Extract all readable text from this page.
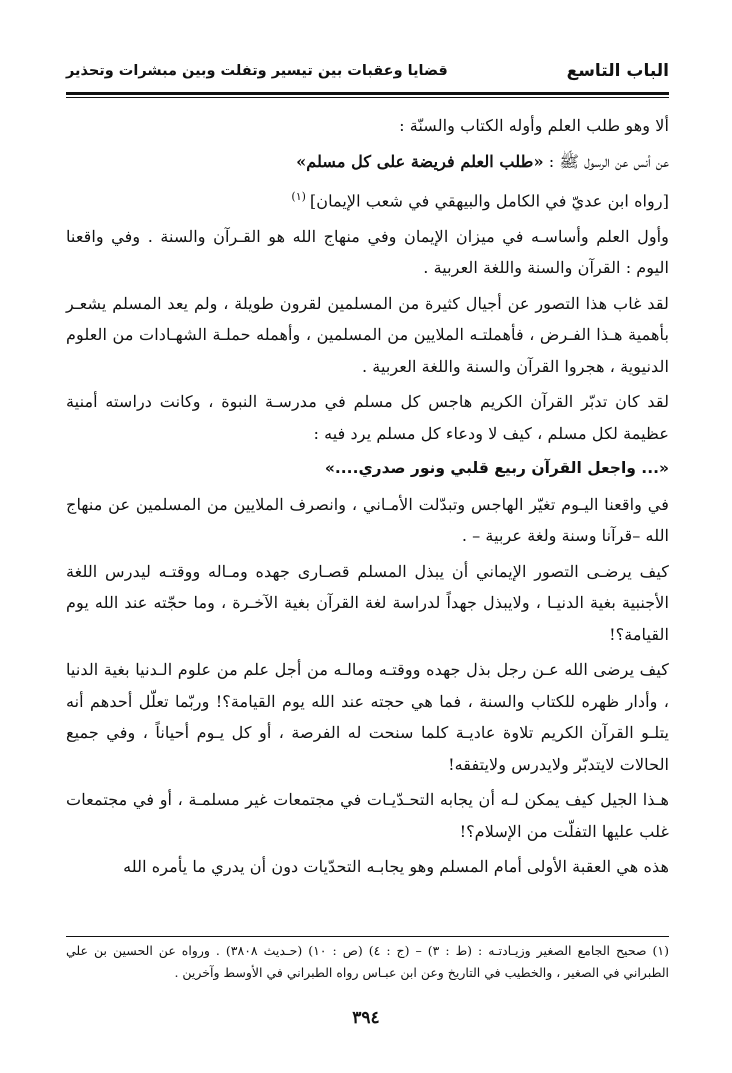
الباب التاسع
قضايا وعقبات بين تيسير وتفلت وبين مبشرات وتحذير

ألا وهو طلب العلم وأوله الكتاب والسنّة :

عن أنس عن الرسول ﷺ : «طلب العلم فريضة على كل مسلم»

[رواه ابن عديّ في الكامل والبيهقي في شعب الإيمان]$^{(١)}$

وأول العلم وأساسـه في ميزان الإيمان وفي منهاج الله هو القـرآن والسنة . وفي واقعنا اليوم : القرآن والسنة واللغة العربية .

لقد غاب هذا التصور عن أجيال كثيرة من المسلمين لقرون طويلة ، ولم يعد المسلم يشعـر بأهمية هـذا الفـرض ، فأهملتـه الملايين من المسلمين ، وأهمله حملـة الشهـادات من العلوم الدنيوية ، هجروا القرآن والسنة واللغة العربية .

لقد كان تدبّر القرآن الكريم هاجس كل مسلم في مدرسـة النبوة ، وكانت دراسته أمنية عظيمة لكل مسلم ، كيف لا ودعاء كل مسلم يرد فيه :

«... واجعل القرآن ربيع قلبي ونور صدري....»

في واقعنا اليـوم تغيّر الهاجس وتبدّلت الأمـاني ، وانصرف الملايين من المسلمين عن منهاج الله –قرآنا وسنة ولغة عربية – .

كيف يرضـى التصور الإيماني أن يبذل المسلم قصـارى جهده ومـاله ووقتـه ليدرس اللغة الأجنبية بغية الدنيـا ، ولايبذل جهداً لدراسة لغة القرآن بغية الآخـرة ، وما حجّته عند الله يوم القيامة؟!

كيف يرضى الله عـن رجل بذل جهده ووقتـه ومالـه من أجل علم من علوم الـدنيا بغية الدنيا ، وأدار ظهره للكتاب والسنة ، فما هي حجته عند الله يوم القيامة؟! وربّما تعلّل أحدهم أنه يتلـو القرآن الكريم تلاوة عاديـة كلما سنحت له الفرصة ، أو كل يـوم أحياناً ، وفي جميع الحالات لايتدبّر ولايدرس ولايتفقه!

هـذا الجيل كيف يمكن لـه أن يجابه التحـدّيـات في مجتمعات غير مسلمـة ، أو في مجتمعات غلب عليها التفلّت من الإسلام؟!

هذه هي العقبة الأولى أمام المسلم وهو يجابـه التحدّيات دون أن يدري ما يأمره الله

(١) صحيح الجامع الصغير وزيـادتـه : (ط : ٣) – (ج : ٤) (ص : ١٠) (حـديث ٣٨٠٨) . ورواه عن الحسين بن علي الطبراني في الصغير ، والخطيب في التاريخ وعن ابن عبـاس رواه الطبراني في الأوسط وآخرين .
٣٩٤
